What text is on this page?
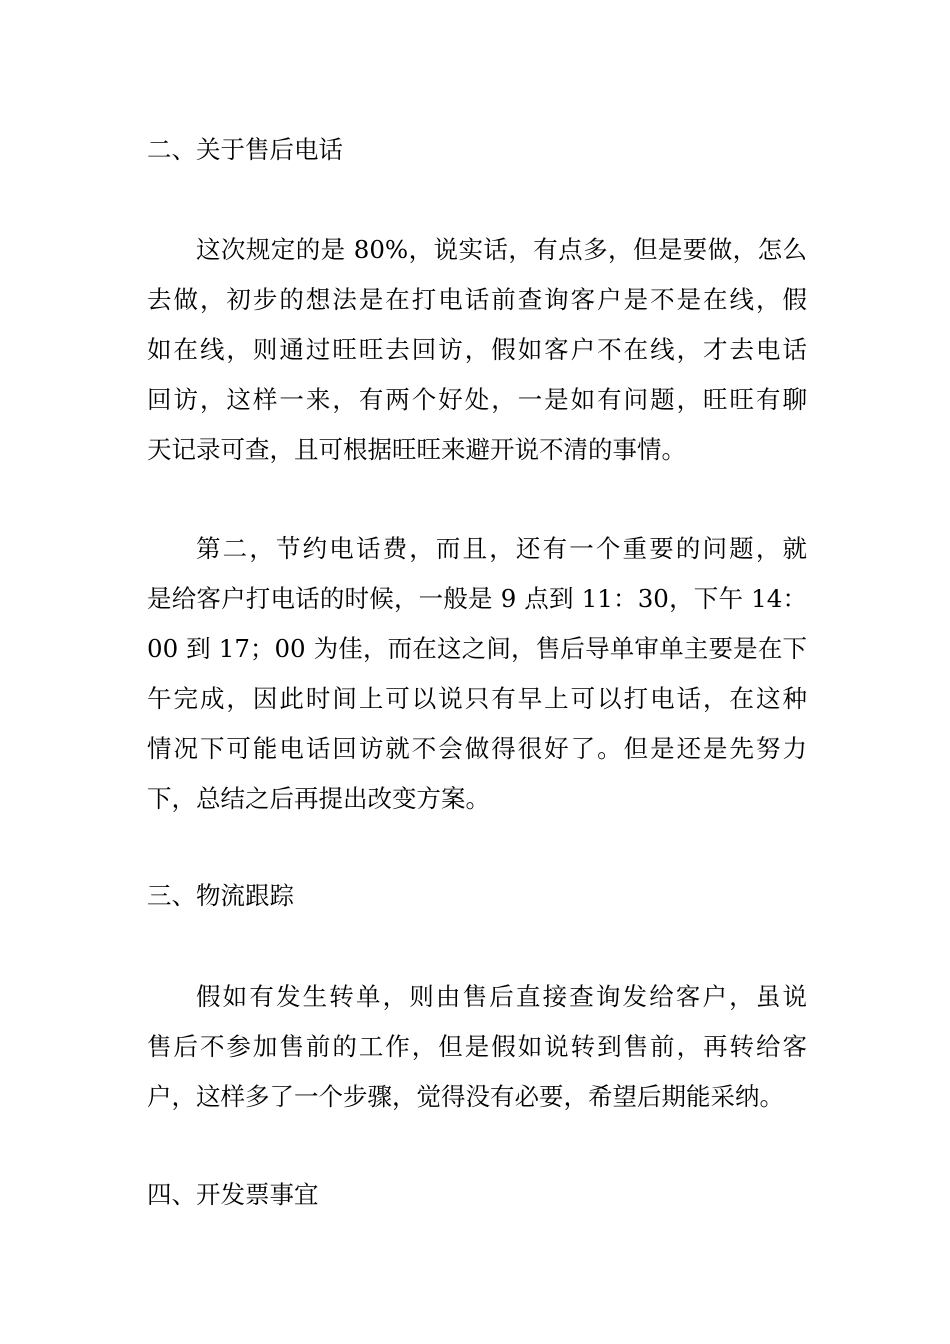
二、关于售后电话
这次规定的是 80%，说实话，有点多，但是要做，怎么
去做，初步的想法是在打电话前查询客户是不是在线，假
如在线，则通过旺旺去回访，假如客户不在线，才去电话
回访，这样一来，有两个好处，一是如有问题，旺旺有聊
天记录可查，且可根据旺旺来避开说不清的事情。
第二，节约电话费，而且，还有一个重要的问题，就
是给客户打电话的时候，一般是 9 点到 11：30，下午 14：
00 到 17；00 为佳，而在这之间，售后导单审单主要是在下
午完成，因此时间上可以说只有早上可以打电话，在这种
情况下可能电话回访就不会做得很好了。但是还是先努力
下，总结之后再提出改变方案。
三、物流跟踪
假如有发生转单，则由售后直接查询发给客户，虽说
售后不参加售前的工作，但是假如说转到售前，再转给客
户，这样多了一个步骤，觉得没有必要，希望后期能采纳。
四、开发票事宜
